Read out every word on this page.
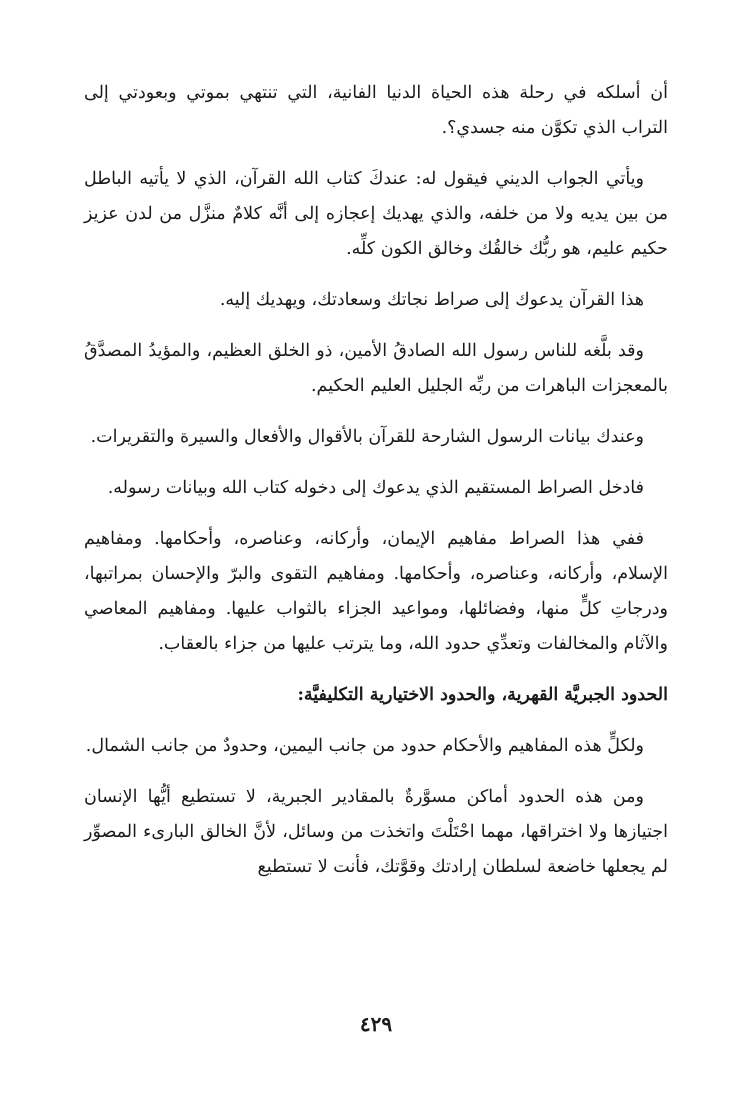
أن أسلكه في رحلة هذه الحياة الدنيا الفانية، التي تنتهي بموتي وبعودتي إلى التراب الذي تكوَّن منه جسدي؟.

ويأتي الجواب الديني فيقول له: عندكَ كتاب الله القرآن، الذي لا يأتيه الباطل من بين يديه ولا من خلفه، والذي يهديك إعجازه إلى أنَّه كلامٌ منزَّل من لدن عزيز حكيم عليم، هو ربُّك خالقُك وخالق الكون كلِّه.

هذا القرآن يدعوك إلى صراط نجاتك وسعادتك، ويهديك إليه.

وقد بلَّغه للناس رسول الله الصادقُ الأمين، ذو الخلق العظيم، والمؤيدُ المصدَّقُ بالمعجزات الباهرات من ربِّه الجليل العليم الحكيم.

وعندك بيانات الرسول الشارحة للقرآن بالأقوال والأفعال والسيرة والتقريرات.

فادخل الصراط المستقيم الذي يدعوك إلى دخوله كتاب الله وبيانات رسوله.

ففي هذا الصراط مفاهيم الإيمان، وأركانه، وعناصره، وأحكامها. ومفاهيم الإسلام، وأركانه، وعناصره، وأحكامها. ومفاهيم التقوى والبرّ والإحسان بمراتبها، ودرجاتِ كلٍّ منها، وفضائلها، ومواعيد الجزاء بالثواب عليها. ومفاهيم المعاصي والآثام والمخالفات وتعدِّي حدود الله، وما يترتب عليها من جزاء بالعقاب.

الحدود الجبريَّة القهرية، والحدود الاختيارية التكليفيَّة:

ولكلٍّ هذه المفاهيم والأحكام حدود من جانب اليمين، وحدودٌ من جانب الشمال.

ومن هذه الحدود أماكن مسوَّرةٌ بالمقادير الجبرية، لا تستطيع أيُّها الإنسان اجتيازها ولا اختراقها، مهما احْتَلْتَ واتخذت من وسائل، لأنَّ الخالق البارىء المصوِّر لم يجعلها خاضعة لسلطان إرادتك وقوَّتك، فأنت لا تستطيع

٤٢٩
